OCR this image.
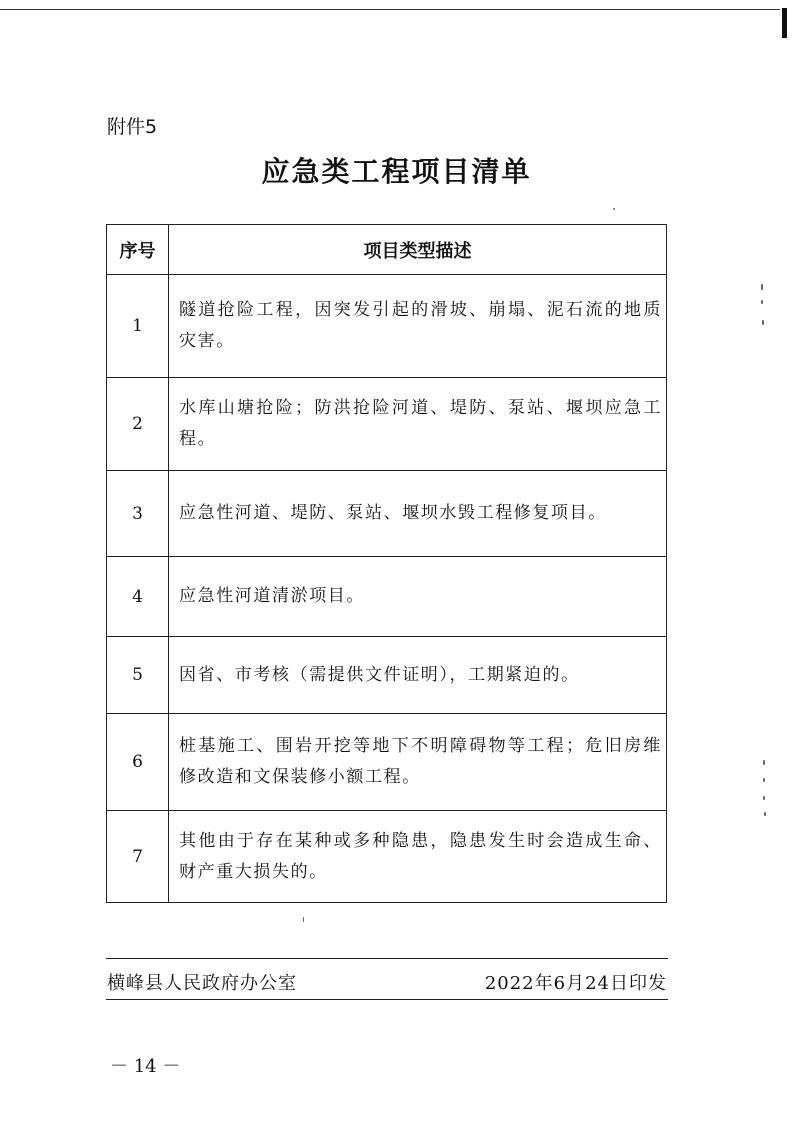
附件5
应急类工程项目清单
序号	项目类型描述
1	隧道抢险工程，因突发引起的滑坡、崩塌、泥石流的地质灾害。
2	水库山塘抢险；防洪抢险河道、堤防、泵站、堰坝应急工程。
3	应急性河道、堤防、泵站、堰坝水毁工程修复项目。
4	应急性河道清淤项目。
5	因省、市考核（需提供文件证明），工期紧迫的。
6	桩基施工、围岩开挖等地下不明障碍物等工程；危旧房维修改造和文保装修小额工程。
7	其他由于存在某种或多种隐患，隐患发生时会造成生命、财产重大损失的。
横峰县人民政府办公室	2022年6月24日印发
－ 14 －
